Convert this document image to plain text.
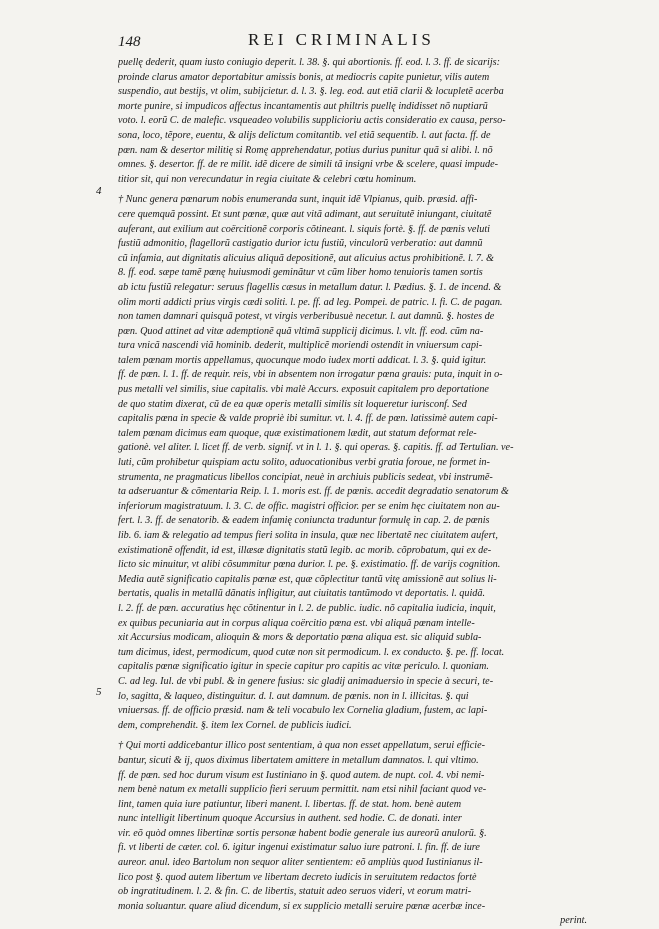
148	REI CRIMINALIS
4
5
puellę dederit, quam iusto coniugio deperit. l. 38. §. qui abortionis. ff. eod. l. 3. ff. de sicarijs:
proinde clarus amator deportabitur amissis bonis, at mediocris capite punietur, vilis autem
suspendio, aut bestijs, vt olim, subijcietur. d. l. 3. §. leg. eod. aut etiã clarii & locupletẽ acerba
morte punire, si impudicos affectus incantamentis aut philtris puellę indidisset nõ nuptiarũ
voto. l. eorũ C. de malefic. vsqueadeo volubilis supplicioriu actis consideratio ex causa, perso-
sona, loco, tẽpore, euentu, & alijs delictum comitantib. vel etiã sequentib. l. aut facta. ff. de
pœn. nam & desertor militię si Romę apprehendatur, potius durius punitur quã si alibi. l. nõ
omnes. §. desertor. ff. de re milit. idẽ dicere de simili tã insigni vrbe & scelere, quasi impude-
titior sit, qui non verecundatur in regia ciuitate & celebri cœtu hominum.
† Nunc genera pœnarum nobis enumeranda sunt, inquit idẽ Vlpianus, quib. præsid. affi-
cere quemquã possint. Et sunt pœnæ, quæ aut vitã adimant, aut seruitutẽ iniungant, ciuitatẽ
auferant, aut exilium aut coërcitionẽ corporis cõtineant. l. siquis fortè. §. ff. de pœnis veluti
fustiũ admonitio, flagellorũ castigatio durior ictu fustiũ, vinculorũ verberatio: aut damnũ
cũ infamia, aut dignitatis alicuius aliquã depositionẽ, aut alicuius actus prohibitionẽ. l. 7. &
8. ff. eod. sæpe tamẽ pœnę huiusmodi geminãtur vt cũm liber homo tenuioris tamen sortis
ab ictu fustiũ relegatur: seruus flagellis cæsus in metallum datur. l. Pædius. §. 1. de incend. &
olim morti addicti prius virgis cædi soliti. l. pe. ff. ad leg. Pompei. de patric. l. fi. C. de pagan.
non tamen damnari quisquã potest, vt virgis verberibusuè necetur. l. aut damnũ. §. hostes de
pœn. Quod attinet ad vitæ ademptionẽ quã vltimã supplicij dicimus. l. vlt. ff. eod. cũm na-
tura vnicã nascendi viã hominib. dederit, multiplicẽ moriendi ostendit in vniuersum capi-
talem pœnam mortis appellamus, quocunque modo iudex morti addicat. l. 3. §. quid igitur.
ff. de pœn. l. 1. ff. de requir. reis, vbi in absentem non irrogatur pœna grauis: puta, inquit in o-
pus metalli vel similis, siue capitalis. vbi malè Accurs. exposuit capitalem pro deportatione
de quo statim dixerat, cũ de ea quæ operis metalli similis sit loqueretur iurisconf. Sed
capitalis pœna in specie & valde propriè ibi sumitur. vt. l. 4. ff. de pœn. latissimè autem capi-
talem pœnam dicimus eam quoque, quæ existimationem lædit, aut statum deformat rele-
gationè. vel aliter. l. licet ff. de verb. signif. vt in l. 1. §. qui operas. §. capitis. ff. ad Tertulian. ve-
luti, cũm prohibetur quispiam actu solito, aduocationibus verbi gratia foroue, ne formet in-
strumenta, ne pragmaticus libellos concipiat, neuè in archiuis publicis sedeat, vbi instrumẽ-
ta adseruantur & cõmentaria Reip. l. 1. moris est. ff. de pœnis. accedit degradatio senatorum &
inferiorum magistratuum. l. 3. C. de offic. magistri officior. per se enim hęc ciuitatem non au-
fert. l. 3. ff. de senatorib. & eadem infamię coniuncta traduntur formulę in cap. 2. de pœnis
lib. 6. iam & relegatio ad tempus fieri solita in insula, quæ nec libertatẽ nec ciuitatem aufert,
existimationẽ offendit, id est, illæsæ dignitatis statũ legib. ac morib. cõprobatum, qui ex de-
licto sic minuitur, vt alibi cõsummitur pœna durior. l. pe. §. existimatio. ff. de varijs cognition.
Media autẽ significatio capitalis pœnæ est, quæ cõplectitur tantũ vitę amissionẽ aut solius li-
bertatis, qualis in metallũ dãnatis infligitur, aut ciuitatis tantũmodo vt deportatis. l. quidã.
l. 2. ff. de pœn. accuratius hęc cõtinentur in l. 2. de public. iudic. nõ capitalia iudicia, inquit,
ex quibus pecuniaria aut in corpus aliqua coërcitio pœna est. vbi aliquã pœnam intelle-
xit Accursius modicam, alioquin & mors & deportatio pœna aliqua est. sic aliquid subla-
tum dicimus, idest, permodicum, quod cutæ non sit permodicum. l. ex conducto. §. pe. ff. locat.
capitalis pœnæ significatio igitur in specie capitur pro capitis ac vitæ periculo. l. quoniam.
C. ad leg. Iul. de vbi publ. & in genere fusius: sic gladij animaduersio in specie à securi, te-
lo, sagitta, & laqueo, distinguitur. d. l. aut damnum. de pœnis. non in l. illicitas. §. qui
vniuersas. ff. de officio præsid. nam & teli vocabulo lex Cornelia gladium, fustem, ac lapi-
dem, comprehendit. §. item lex Cornel. de publicis iudici.
† Qui morti addicebantur illico post sententiam, à qua non esset appellatum, serui efficie-
bantur, sicuti & ij, quos diximus libertatem amittere in metallum damnatos. l. qui vltimo.
ff. de pœn. sed hoc durum visum est Iustiniano in §. quod autem. de nupt. col. 4. vbi nemi-
nem benè natum ex metalli supplicio fieri seruum permittit. nam etsi nihil faciant quod ve-
lint, tamen quia iure patiuntur, liberi manent. l. libertas. ff. de stat. hom. benè autem
nunc intelligit libertinum quoque Accursius in authent. sed hodie. C. de donati. inter
vir. eõ quòd omnes libertinæ sortis personæ habent bodie generale ius aureorũ anulorũ. §.
fi. vt liberti de cæter. col. 6. igitur ingenui existimatur saluo iure patroni. l. fin. ff. de iure
aureor. anul. ideo Bartolum non sequor aliter sentientem: eõ ampliùs quod Iustinianus il-
lico post §. quod autem libertum ve libertam decreto iudicis in seruitutem redactos fortè
ob ingratitudinem. l. 2. & fin. C. de libertis, statuit adeo seruos videri, vt eorum matri-
monia soluantur. quare aliud dicendum, si ex supplicio metalli seruire pœnæ acerbæ ince-
perint.
